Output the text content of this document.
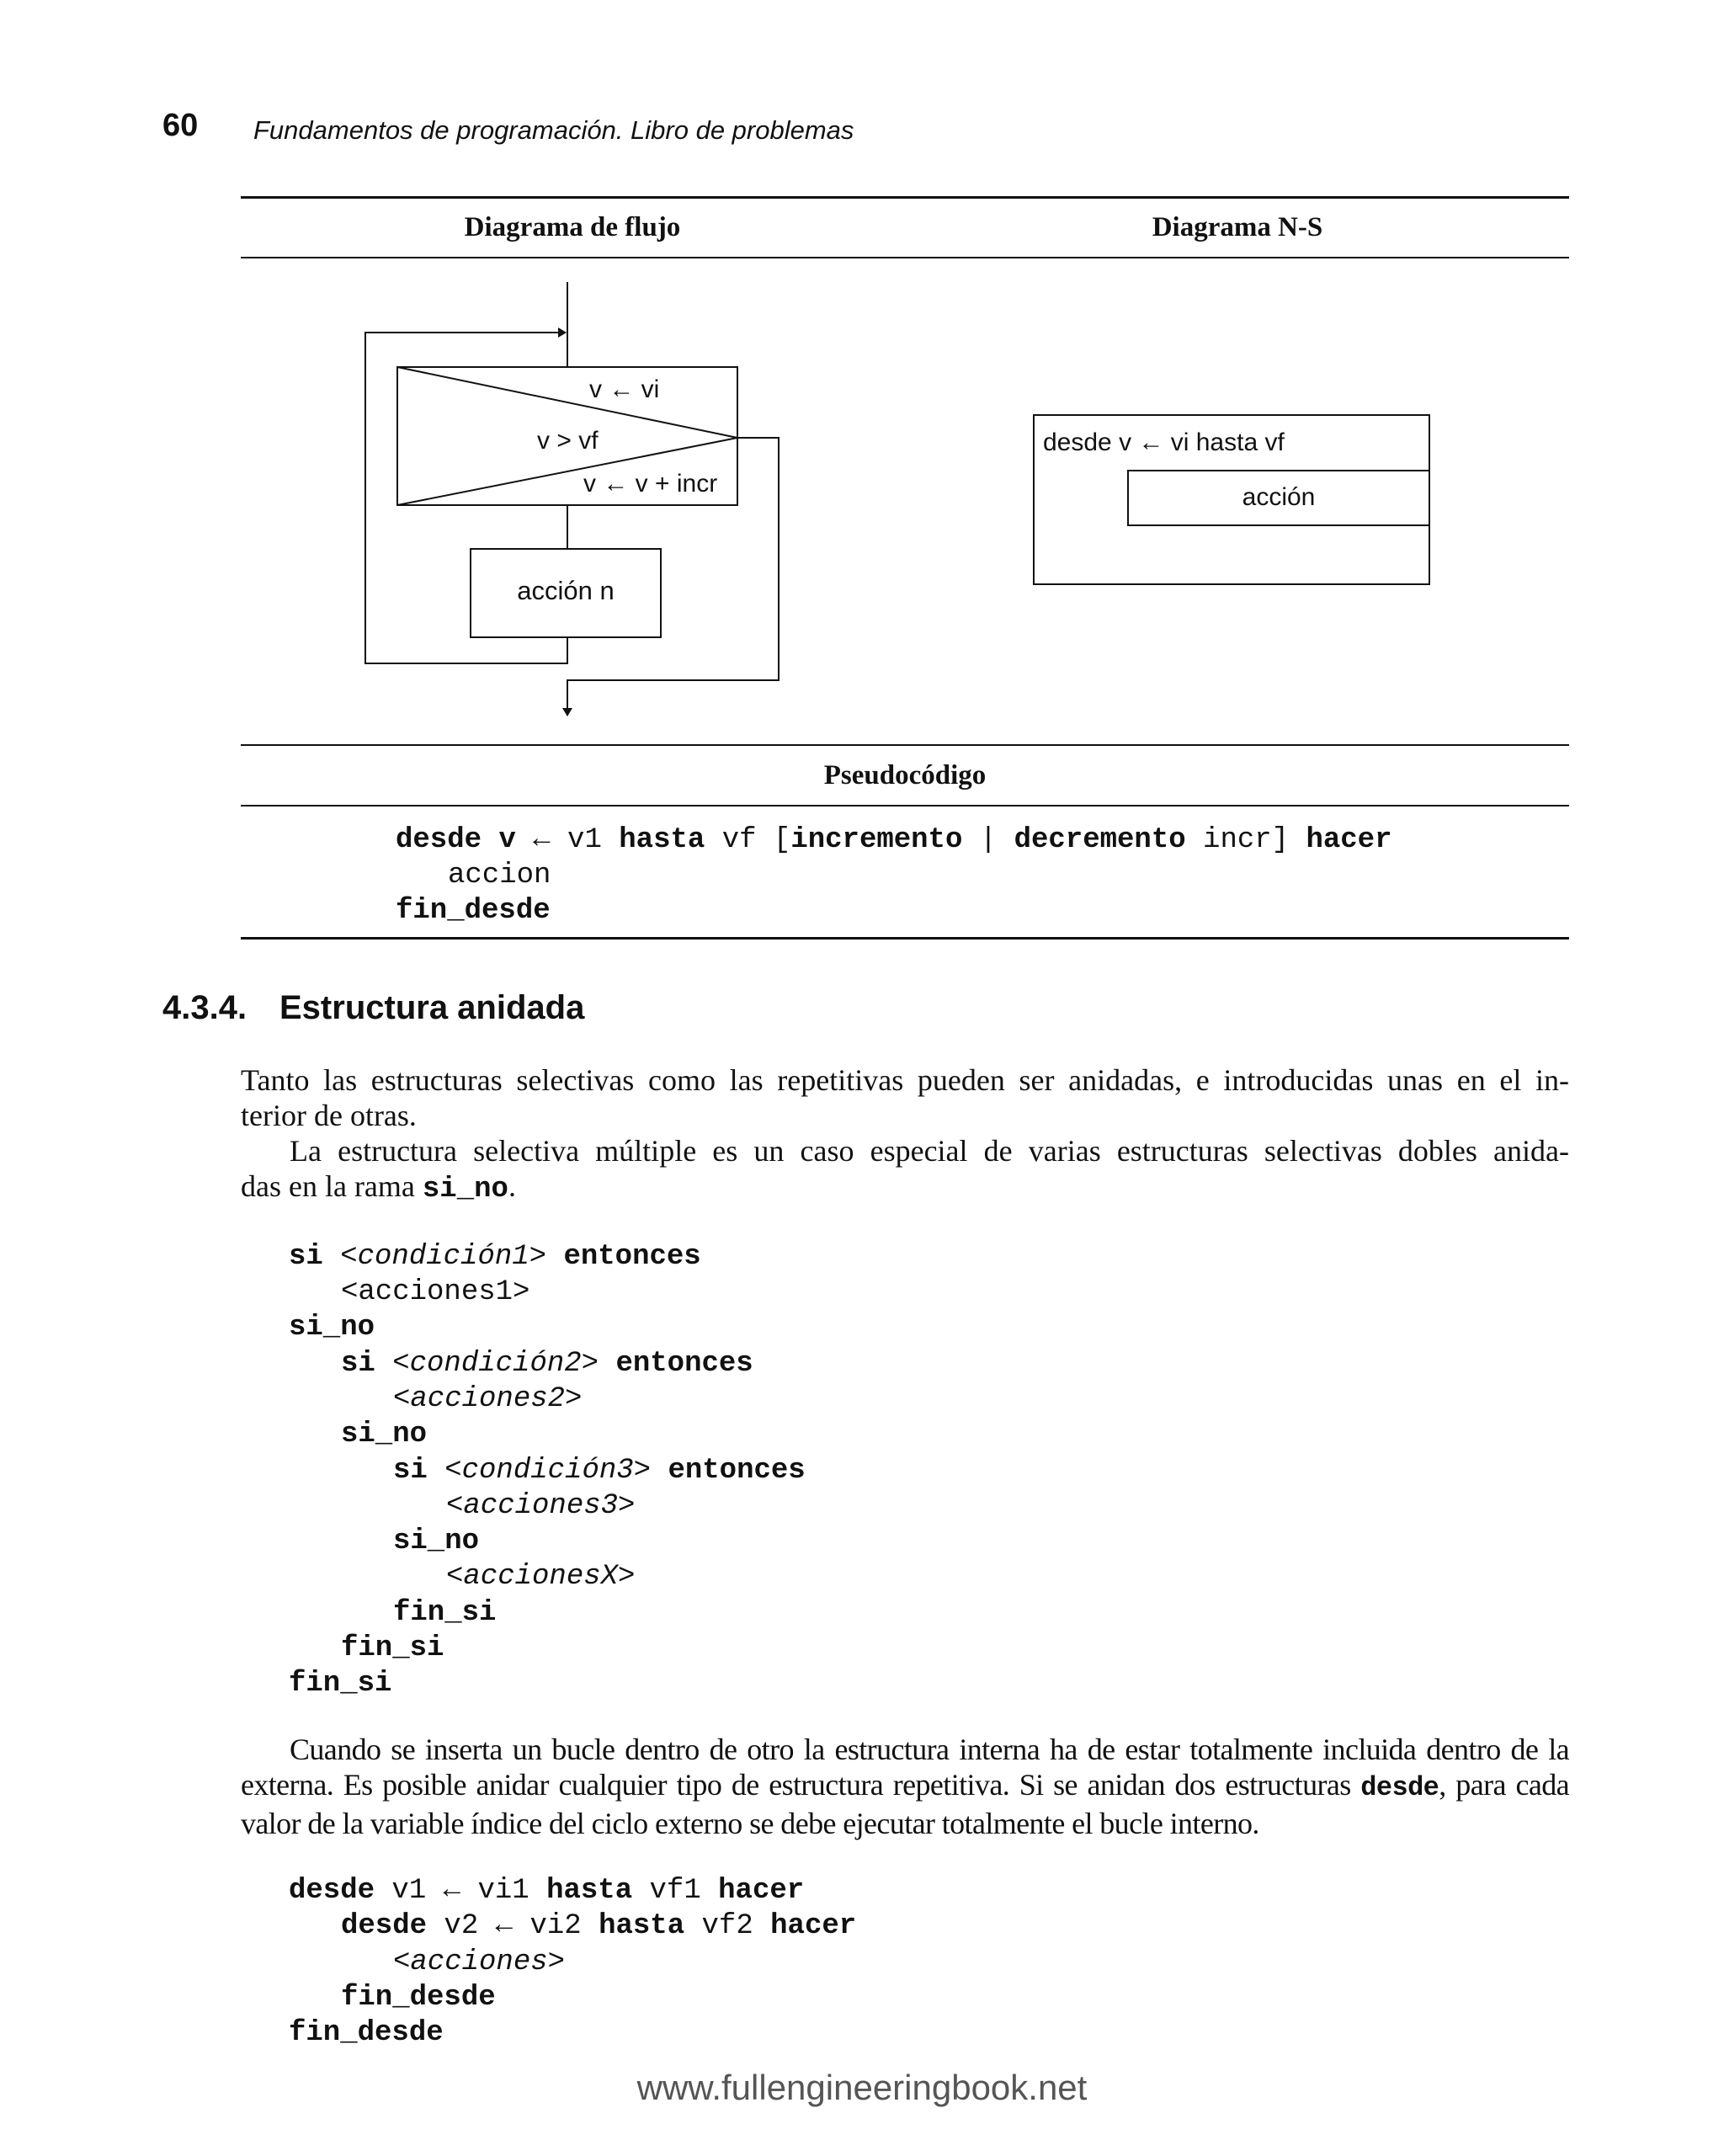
60 Fundamentos de programación. Libro de problemas
Diagrama de flujo	Diagrama N-S
v ← vi
v > vf
v ← v + incr
acción n
desde v ← vi hasta vf
acción
Pseudocódigo
desde v ← v1 hasta vf [incremento | decremento incr] hacer
accion
fin_desde
4.3.4. Estructura anidada
Tanto las estructuras selectivas como las repetitivas pueden ser anidadas, e introducidas unas en el in-
terior de otras.
La estructura selectiva múltiple es un caso especial de varias estructuras selectivas dobles anida-
das en la rama si_no.
si <condición1> entonces
<acciones1>
si_no
si <condición2> entonces
<acciones2>
si_no
si <condición3> entonces
<acciones3>
si_no
<accionesX>
fin_si
fin_si
fin_si
Cuando se inserta un bucle dentro de otro la estructura interna ha de estar totalmente incluida dentro de la
externa. Es posible anidar cualquier tipo de estructura repetitiva. Si se anidan dos estructuras desde, para cada
valor de la variable índice del ciclo externo se debe ejecutar totalmente el bucle interno.
desde v1 ← vi1 hasta vf1 hacer
desde v2 ← vi2 hasta vf2 hacer
<acciones>
fin_desde
fin_desde
www.fullengineeringbook.net
